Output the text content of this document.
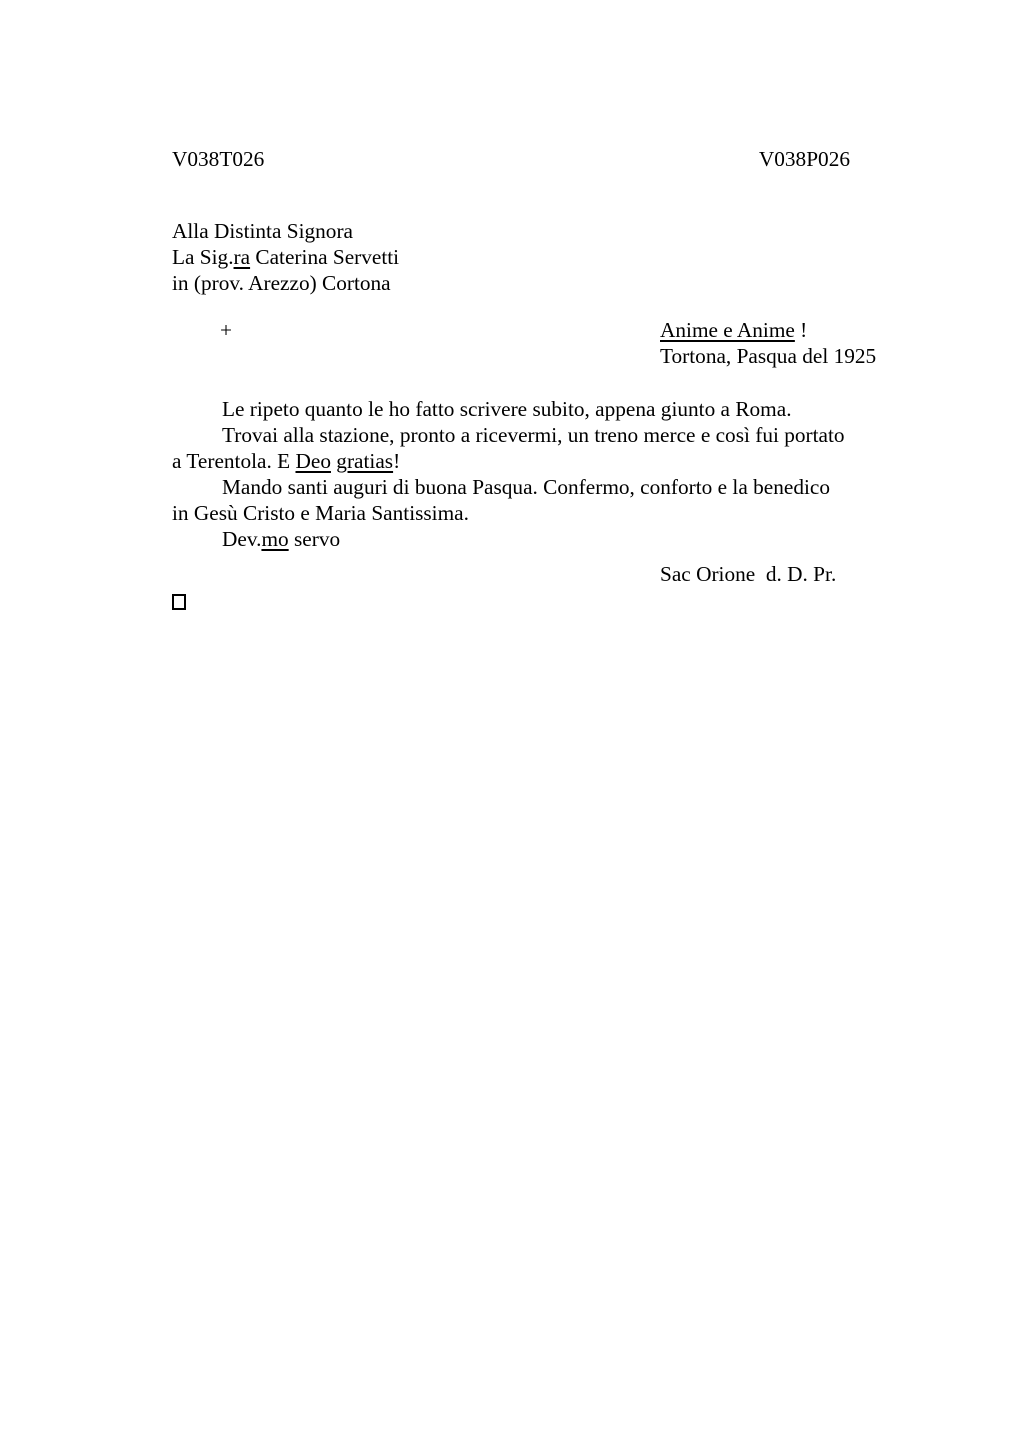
V038T026	V038P026
Alla Distinta Signora
La Sig.ra Caterina Servetti
in (prov. Arezzo) Cortona
+	Anime e Anime !
Tortona, Pasqua del 1925
Le ripeto quanto le ho fatto scrivere subito, appena giunto a Roma.
Trovai alla stazione, pronto a ricevermi, un treno merce e così fui portato
a Terentola. E Deo gratias!
Mando santi auguri di buona Pasqua. Confermo, conforto e la benedico
in Gesù Cristo e Maria Santissima.
Dev.mo servo
Sac Orione  d. D. Pr.
